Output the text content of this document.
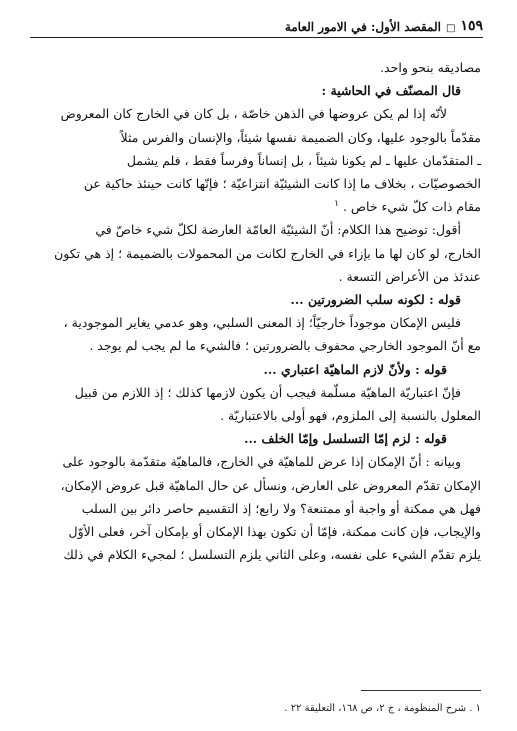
١٥٩
□
المقصد الأول: في الامور العامة

مصاديقه بنحو واحد.

قال المصنّف في الحاشية :

لأنّه إذا لم يكن عروضها في الذهن خاصّة ، بل كان في الخارج كان المعروض

مقدّماً بالوجود عليها، وكان الضميمة نفسها شيئاً، والإنسان والفرس مثلاً

ـ المتقدّمان عليها ـ لم يكونا شيئاً ، بل إنساناً وفرساً فقط ، فلم يشمل

الخصوصيّات ، بخلاف ما إذا كانت الشيئيّة انتزاعيّة ؛ فإنّها كانت حينئذ حاكية عن

مقام ذات كلّ شيء خاص . $^١$

أقول: توضيح هذا الكلام: أنّ الشيئيّة العامّة العارضة لكلّ شيء خاصّ في

الخارج، لو كان لها ما بإزاء في الخارج لكانت من المحمولات بالضميمة ؛ إذ هي تكون

عندئذ من الأعراض التسعة .

قوله : لكونه سلب الضرورتين ...

فليس الإمكان موجوداً خارجيّاً؛ إذ المعنى السلبي، وهو عدمي يغاير الموجودية ،

مع أنّ الموجود الخارجي محفوف بالضرورتين ؛ فالشيء ما لم يجب لم يوجد .

قوله : ولأنّ لازم الماهيّة اعتباري ...

فإنّ اعتباريّة الماهيّة مسلّمة فيجب أن يكون لازمها كذلك ؛ إذ اللازم من قبيل

المعلول بالنسبة إلى الملزوم، فهو أولى بالاعتباريّة .

قوله : لزم إمّا التسلسل وإمّا الخلف ...

وبيانه : أنّ الإمكان إذا عرض للماهيّة في الخارج، فالماهيّة متقدّمة بالوجود على

الإمكان تقدّم المعروض على العارض، ونسأل عن حال الماهيّة قبل عروض الإمكان،

فهل هي ممكنة أو واجبة أو ممتنعة؟ ولا رابع؛ إذ التقسيم حاصر دائر بين السلب

والإيجاب، فإن كانت ممكنة، فإمّا أن تكون بهذا الإمكان أو بإمكان آخر، فعلى الأوّل

يلزم تقدّم الشيء على نفسه، وعلى الثاني يلزم التسلسل ؛ لمجيء الكلام في ذلك

١ . شرح المنظومة ، ج ٢، ص ١٦٨، التعليقة ٢٢ .
